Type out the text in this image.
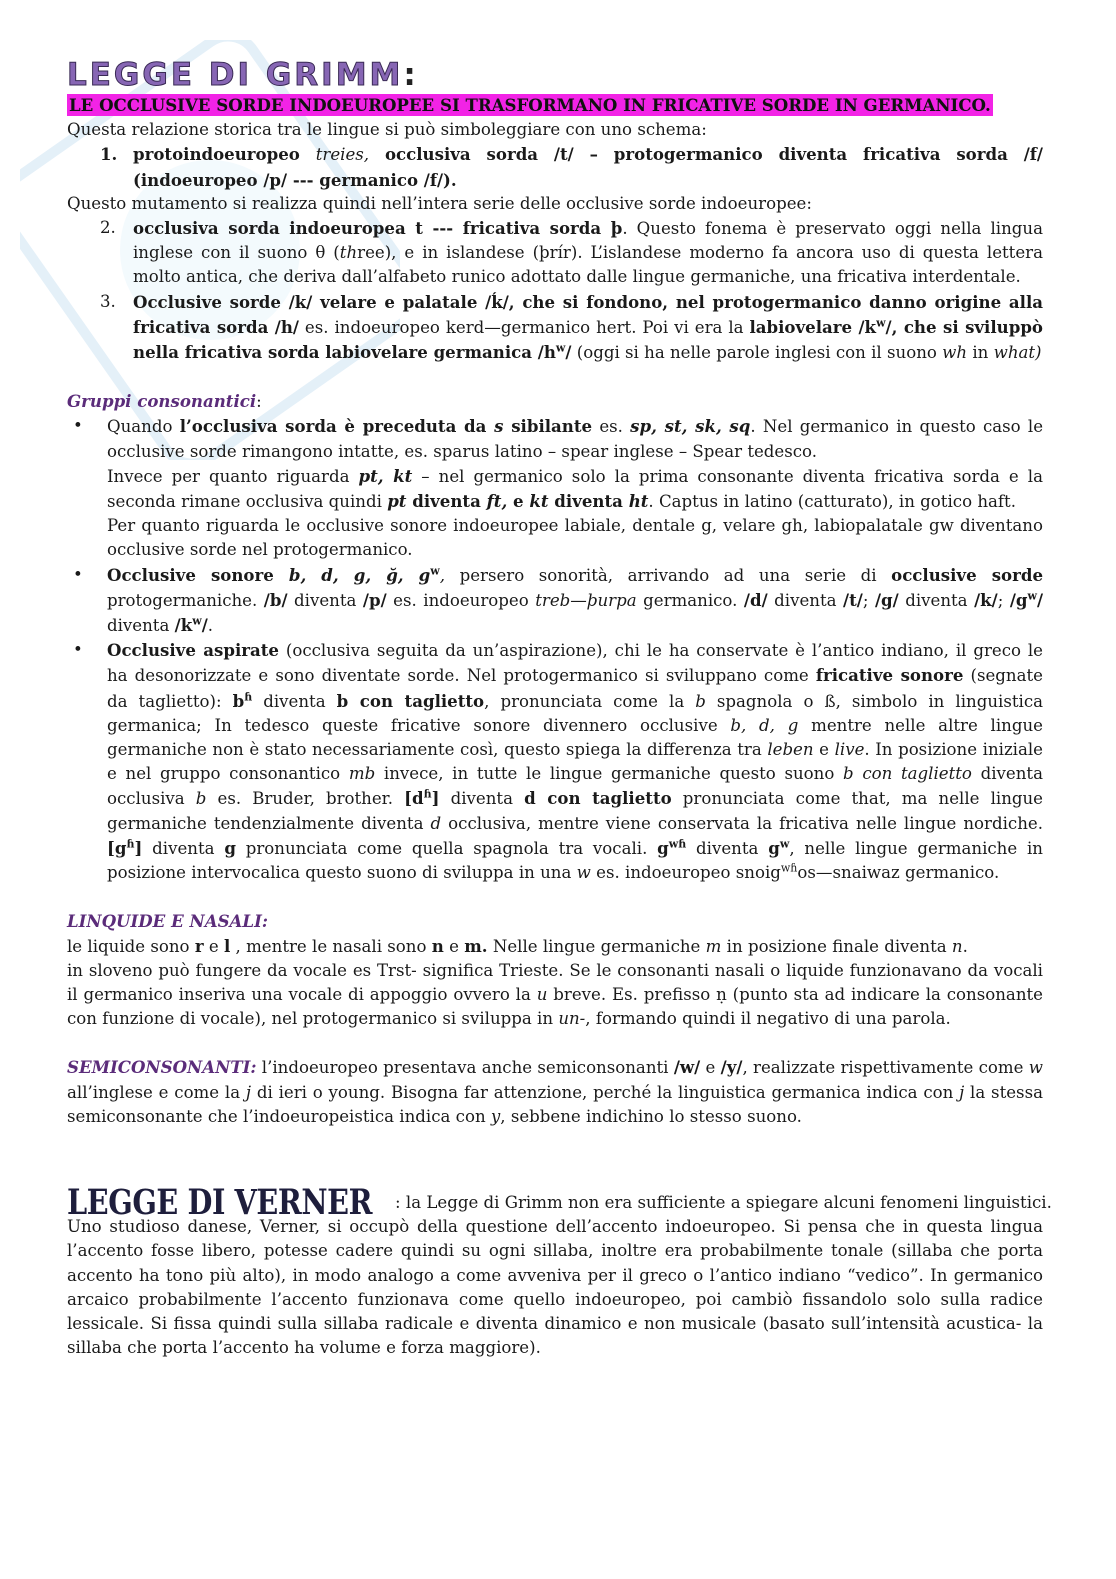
LEGGE DI GRIMM:

LE OCCLUSIVE SORDE INDOEUROPEE SI TRASFORMANO IN FRICATIVE SORDE IN GERMANICO.

Questa relazione storica tra le lingue si può simboleggiare con uno schema:

1. protoindoeuropeo treies, occlusiva sorda /t/ – protogermanico diventa fricativa sorda /f/ (indoeuropeo /p/ --- germanico /f/).

Questo mutamento si realizza quindi nell’intera serie delle occlusive sorde indoeuropee:

2. occlusiva sorda indoeuropea t --- fricativa sorda þ. Questo fonema è preservato oggi nella lingua inglese con il suono θ (three), e in islandese (þrír). L’islandese moderno fa ancora uso di questa lettera molto antica, che deriva dall’alfabeto runico adottato dalle lingue germaniche, una fricativa interdentale.
3. Occlusive sorde /k/ velare e palatale /ḱ/, che si fondono, nel protogermanico danno origine alla fricativa sorda /h/ es. indoeuropeo kerd—germanico hert. Poi vi era la labiovelare $/k^w/$, che si sviluppò nella fricativa sorda labiovelare germanica $/h^w/$ (oggi si ha nelle parole inglesi con il suono wh in what)

Gruppi consonantici:

• Quando l’occlusiva sorda è preceduta da s sibilante es. sp, st, sk, sq. Nel germanico in questo caso le occlusive sorde rimangono intatte, es. sparus latino – spear inglese – Spear tedesco.

Invece per quanto riguarda pt, kt – nel germanico solo la prima consonante diventa fricativa sorda e la seconda rimane occlusiva quindi pt diventa ft, e kt diventa ht. Captus in latino (catturato), in gotico haft.

Per quanto riguarda le occlusive sonore indoeuropee labiale, dentale g, velare gh, labiopalatale gw diventano occlusive sorde nel protogermanico.

• Occlusive sonore b, d, g, ğ, $g^w$, persero sonorità, arrivando ad una serie di occlusive sorde protogermaniche. /b/ diventa /p/ es. indoeuropeo treb—þurpa germanico. /d/ diventa /t/; /g/ diventa /k/; $/g^w/$ diventa $/k^w/$.

• Occlusive aspirate (occlusiva seguita da un’aspirazione), chi le ha conservate è l’antico indiano, il greco le ha desonorizzate e sono diventate sorde. Nel protogermanico si sviluppano come fricative sonore (segnate da taglietto): $b^ɦ$ diventa b con taglietto, pronunciata come la b spagnola o ß, simbolo in linguistica germanica; In tedesco queste fricative sonore divennero occlusive b, d, g mentre nelle altre lingue germaniche non è stato necessariamente così, questo spiega la differenza tra leben e live. In posizione iniziale e nel gruppo consonantico mb invece, in tutte le lingue germaniche questo suono b con taglietto diventa occlusiva b es. Bruder, brother. $[d^ɦ]$ diventa d con taglietto pronunciata come that, ma nelle lingue germaniche tendenzialmente diventa d occlusiva, mentre viene conservata la fricativa nelle lingue nordiche. $[g^ɦ]$ diventa g pronunciata come quella spagnola tra vocali. $g^{wɦ}$ diventa $g^w$, nelle lingue germaniche in posizione intervocalica questo suono di sviluppa in una w es. indoeuropeo snoig$^{wɦ}$os—snaiwaz germanico.

LINQUIDE E NASALI:

le liquide sono r e l , mentre le nasali sono n e m. Nelle lingue germaniche m in posizione finale diventa n.

in sloveno può fungere da vocale es Trst- significa Trieste. Se le consonanti nasali o liquide funzionavano da vocali il germanico inseriva una vocale di appoggio ovvero la u breve. Es. prefisso ṇ (punto sta ad indicare la consonante con funzione di vocale), nel protogermanico si sviluppa in un-, formando quindi il negativo di una parola.

SEMICONSONANTI: l’indoeuropeo presentava anche semiconsonanti /w/ e /y/, realizzate rispettivamente come w all’inglese e come la j di ieri o young. Bisogna far attenzione, perché la linguistica germanica indica con j la stessa semiconsonante che l’indoeuropeistica indica con y, sebbene indichino lo stesso suono.

LEGGE DI VERNER : la Legge di Grimm non era sufficiente a spiegare alcuni fenomeni linguistici.

Uno studioso danese, Verner, si occupò della questione dell’accento indoeuropeo. Si pensa che in questa lingua l’accento fosse libero, potesse cadere quindi su ogni sillaba, inoltre era probabilmente tonale (sillaba che porta accento ha tono più alto), in modo analogo a come avveniva per il greco o l’antico indiano “vedico”. In germanico arcaico probabilmente l’accento funzionava come quello indoeuropeo, poi cambiò fissandolo solo sulla radice lessicale. Si fissa quindi sulla sillaba radicale e diventa dinamico e non musicale (basato sull’intensità acustica- la sillaba che porta l’accento ha volume e forza maggiore).
